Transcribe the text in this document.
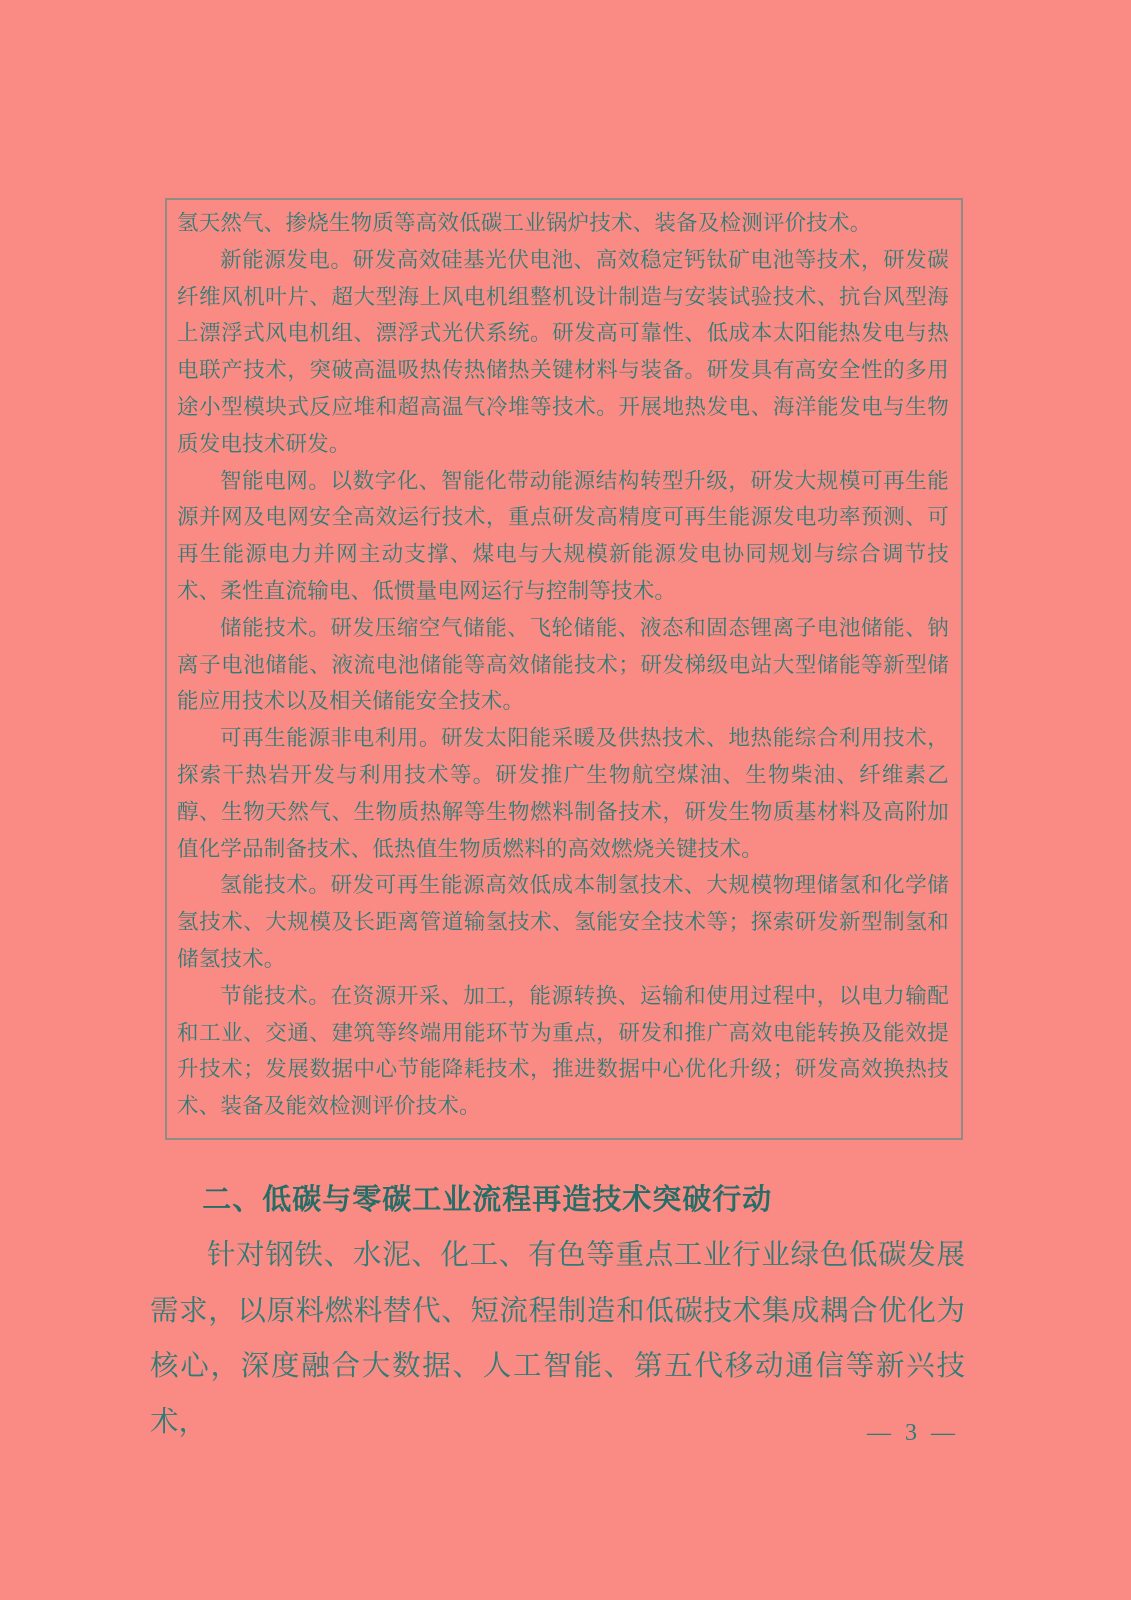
氢天然气、掺烧生物质等高效低碳工业锅炉技术、装备及检测评价技术。

新能源发电。研发高效硅基光伏电池、高效稳定钙钛矿电池等技术，研发碳纤维风机叶片、超大型海上风电机组整机设计制造与安装试验技术、抗台风型海上漂浮式风电机组、漂浮式光伏系统。研发高可靠性、低成本太阳能热发电与热电联产技术，突破高温吸热传热储热关键材料与装备。研发具有高安全性的多用途小型模块式反应堆和超高温气冷堆等技术。开展地热发电、海洋能发电与生物质发电技术研发。

智能电网。以数字化、智能化带动能源结构转型升级，研发大规模可再生能源并网及电网安全高效运行技术，重点研发高精度可再生能源发电功率预测、可再生能源电力并网主动支撑、煤电与大规模新能源发电协同规划与综合调节技术、柔性直流输电、低惯量电网运行与控制等技术。

储能技术。研发压缩空气储能、飞轮储能、液态和固态锂离子电池储能、钠离子电池储能、液流电池储能等高效储能技术；研发梯级电站大型储能等新型储能应用技术以及相关储能安全技术。

可再生能源非电利用。研发太阳能采暖及供热技术、地热能综合利用技术，探索干热岩开发与利用技术等。研发推广生物航空煤油、生物柴油、纤维素乙醇、生物天然气、生物质热解等生物燃料制备技术，研发生物质基材料及高附加值化学品制备技术、低热值生物质燃料的高效燃烧关键技术。

氢能技术。研发可再生能源高效低成本制氢技术、大规模物理储氢和化学储氢技术、大规模及长距离管道输氢技术、氢能安全技术等；探索研发新型制氢和储氢技术。

节能技术。在资源开采、加工，能源转换、运输和使用过程中，以电力输配和工业、交通、建筑等终端用能环节为重点，研发和推广高效电能转换及能效提升技术；发展数据中心节能降耗技术，推进数据中心优化升级；研发高效换热技术、装备及能效检测评价技术。

二、低碳与零碳工业流程再造技术突破行动

针对钢铁、水泥、化工、有色等重点工业行业绿色低碳发展需求，以原料燃料替代、短流程制造和低碳技术集成耦合优化为核心，深度融合大数据、人工智能、第五代移动通信等新兴技术，	— 3 —
